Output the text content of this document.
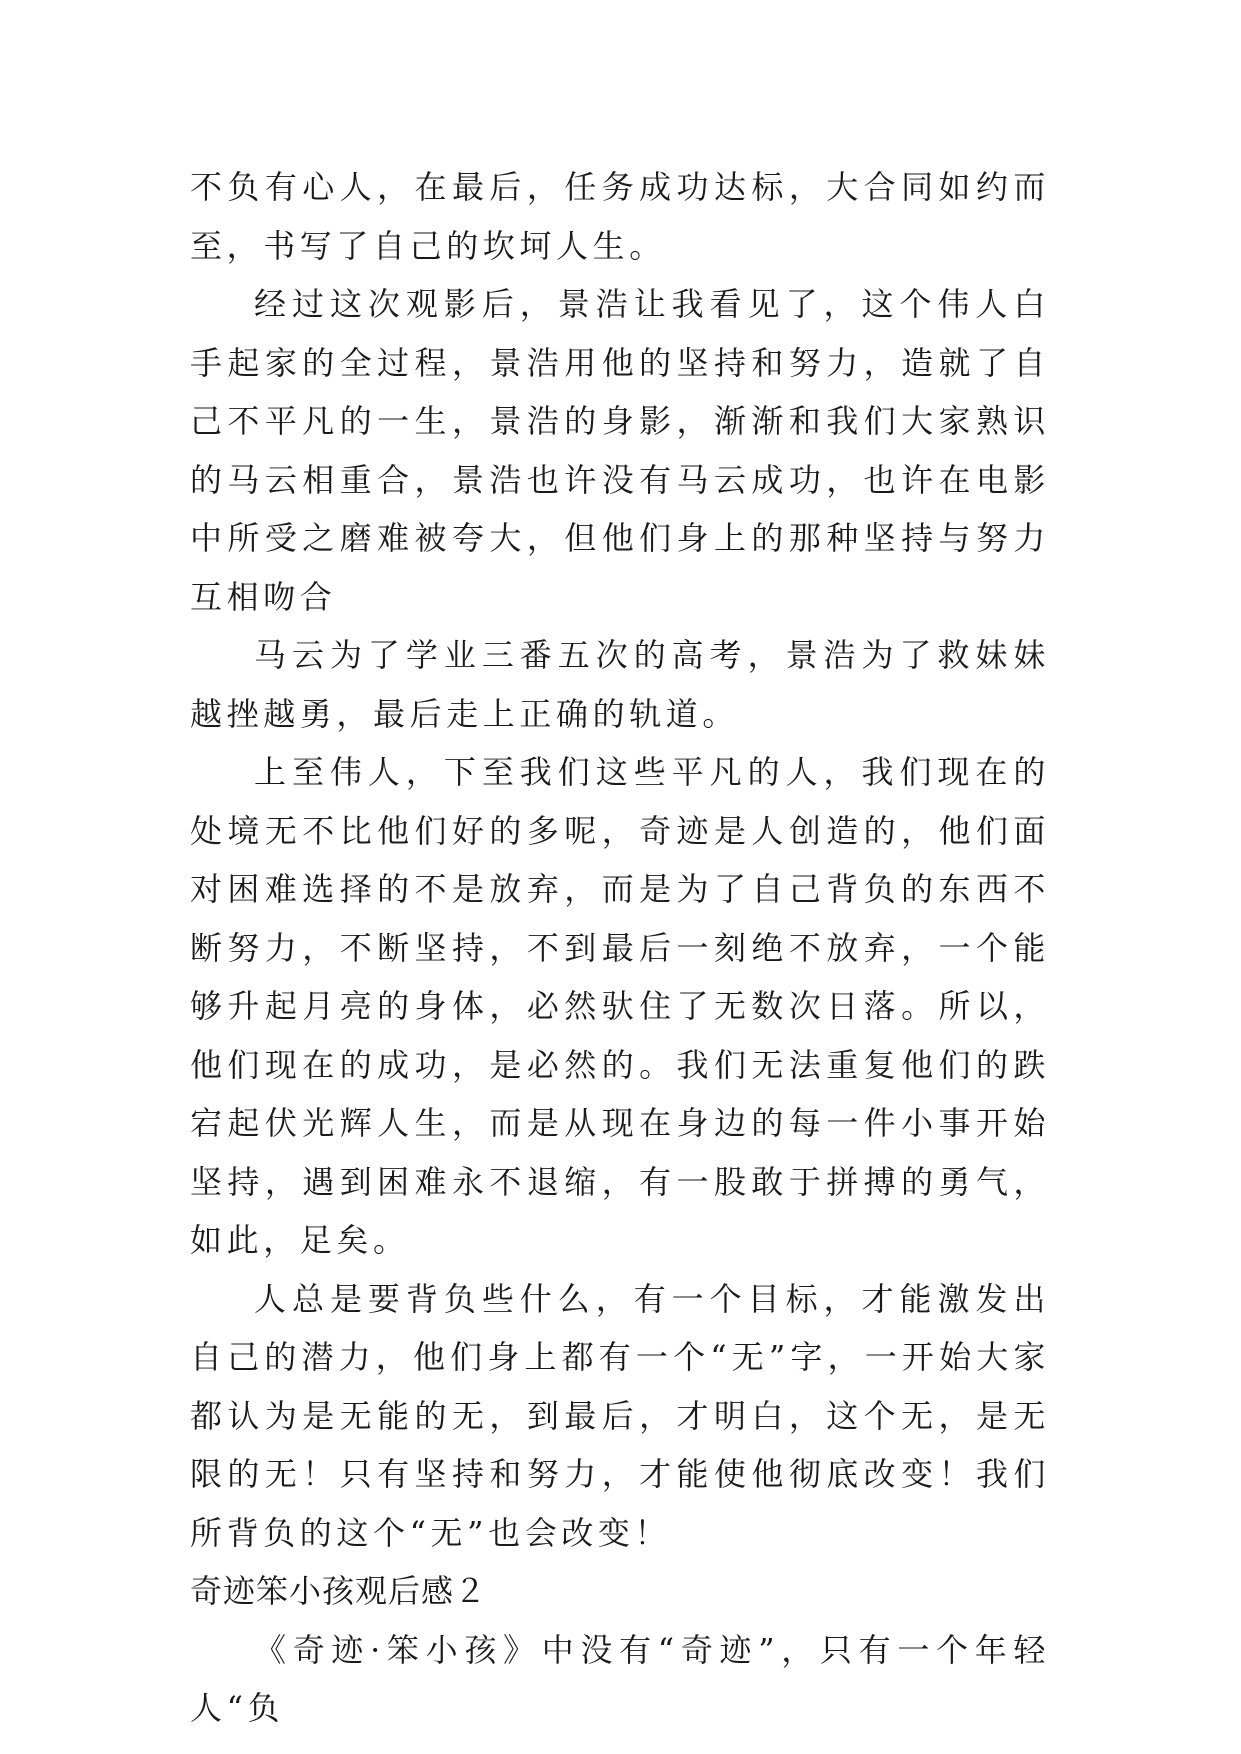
不负有心人，在最后，任务成功达标，大合同如约而至，书写了自己的坎坷人生。

经过这次观影后，景浩让我看见了，这个伟人白手起家的全过程，景浩用他的坚持和努力，造就了自己不平凡的一生，景浩的身影，渐渐和我们大家熟识的马云相重合，景浩也许没有马云成功，也许在电影中所受之磨难被夸大，但他们身上的那种坚持与努力互相吻合

马云为了学业三番五次的高考，景浩为了救妹妹越挫越勇，最后走上正确的轨道。

上至伟人，下至我们这些平凡的人，我们现在的处境无不比他们好的多呢，奇迹是人创造的，他们面对困难选择的不是放弃，而是为了自己背负的东西不断努力，不断坚持，不到最后一刻绝不放弃，一个能够升起月亮的身体，必然驮住了无数次日落。所以，他们现在的成功，是必然的。我们无法重复他们的跌宕起伏光辉人生，而是从现在身边的每一件小事开始坚持，遇到困难永不退缩，有一股敢于拼搏的勇气，如此，足矣。

人总是要背负些什么，有一个目标，才能激发出自己的潜力，他们身上都有一个“无”字，一开始大家都认为是无能的无，到最后，才明白，这个无，是无限的无！只有坚持和努力，才能使他彻底改变！我们所背负的这个“无”也会改变！

奇迹笨小孩观后感２

《奇迹·笨小孩》中没有“奇迹”，只有一个年轻人“负
